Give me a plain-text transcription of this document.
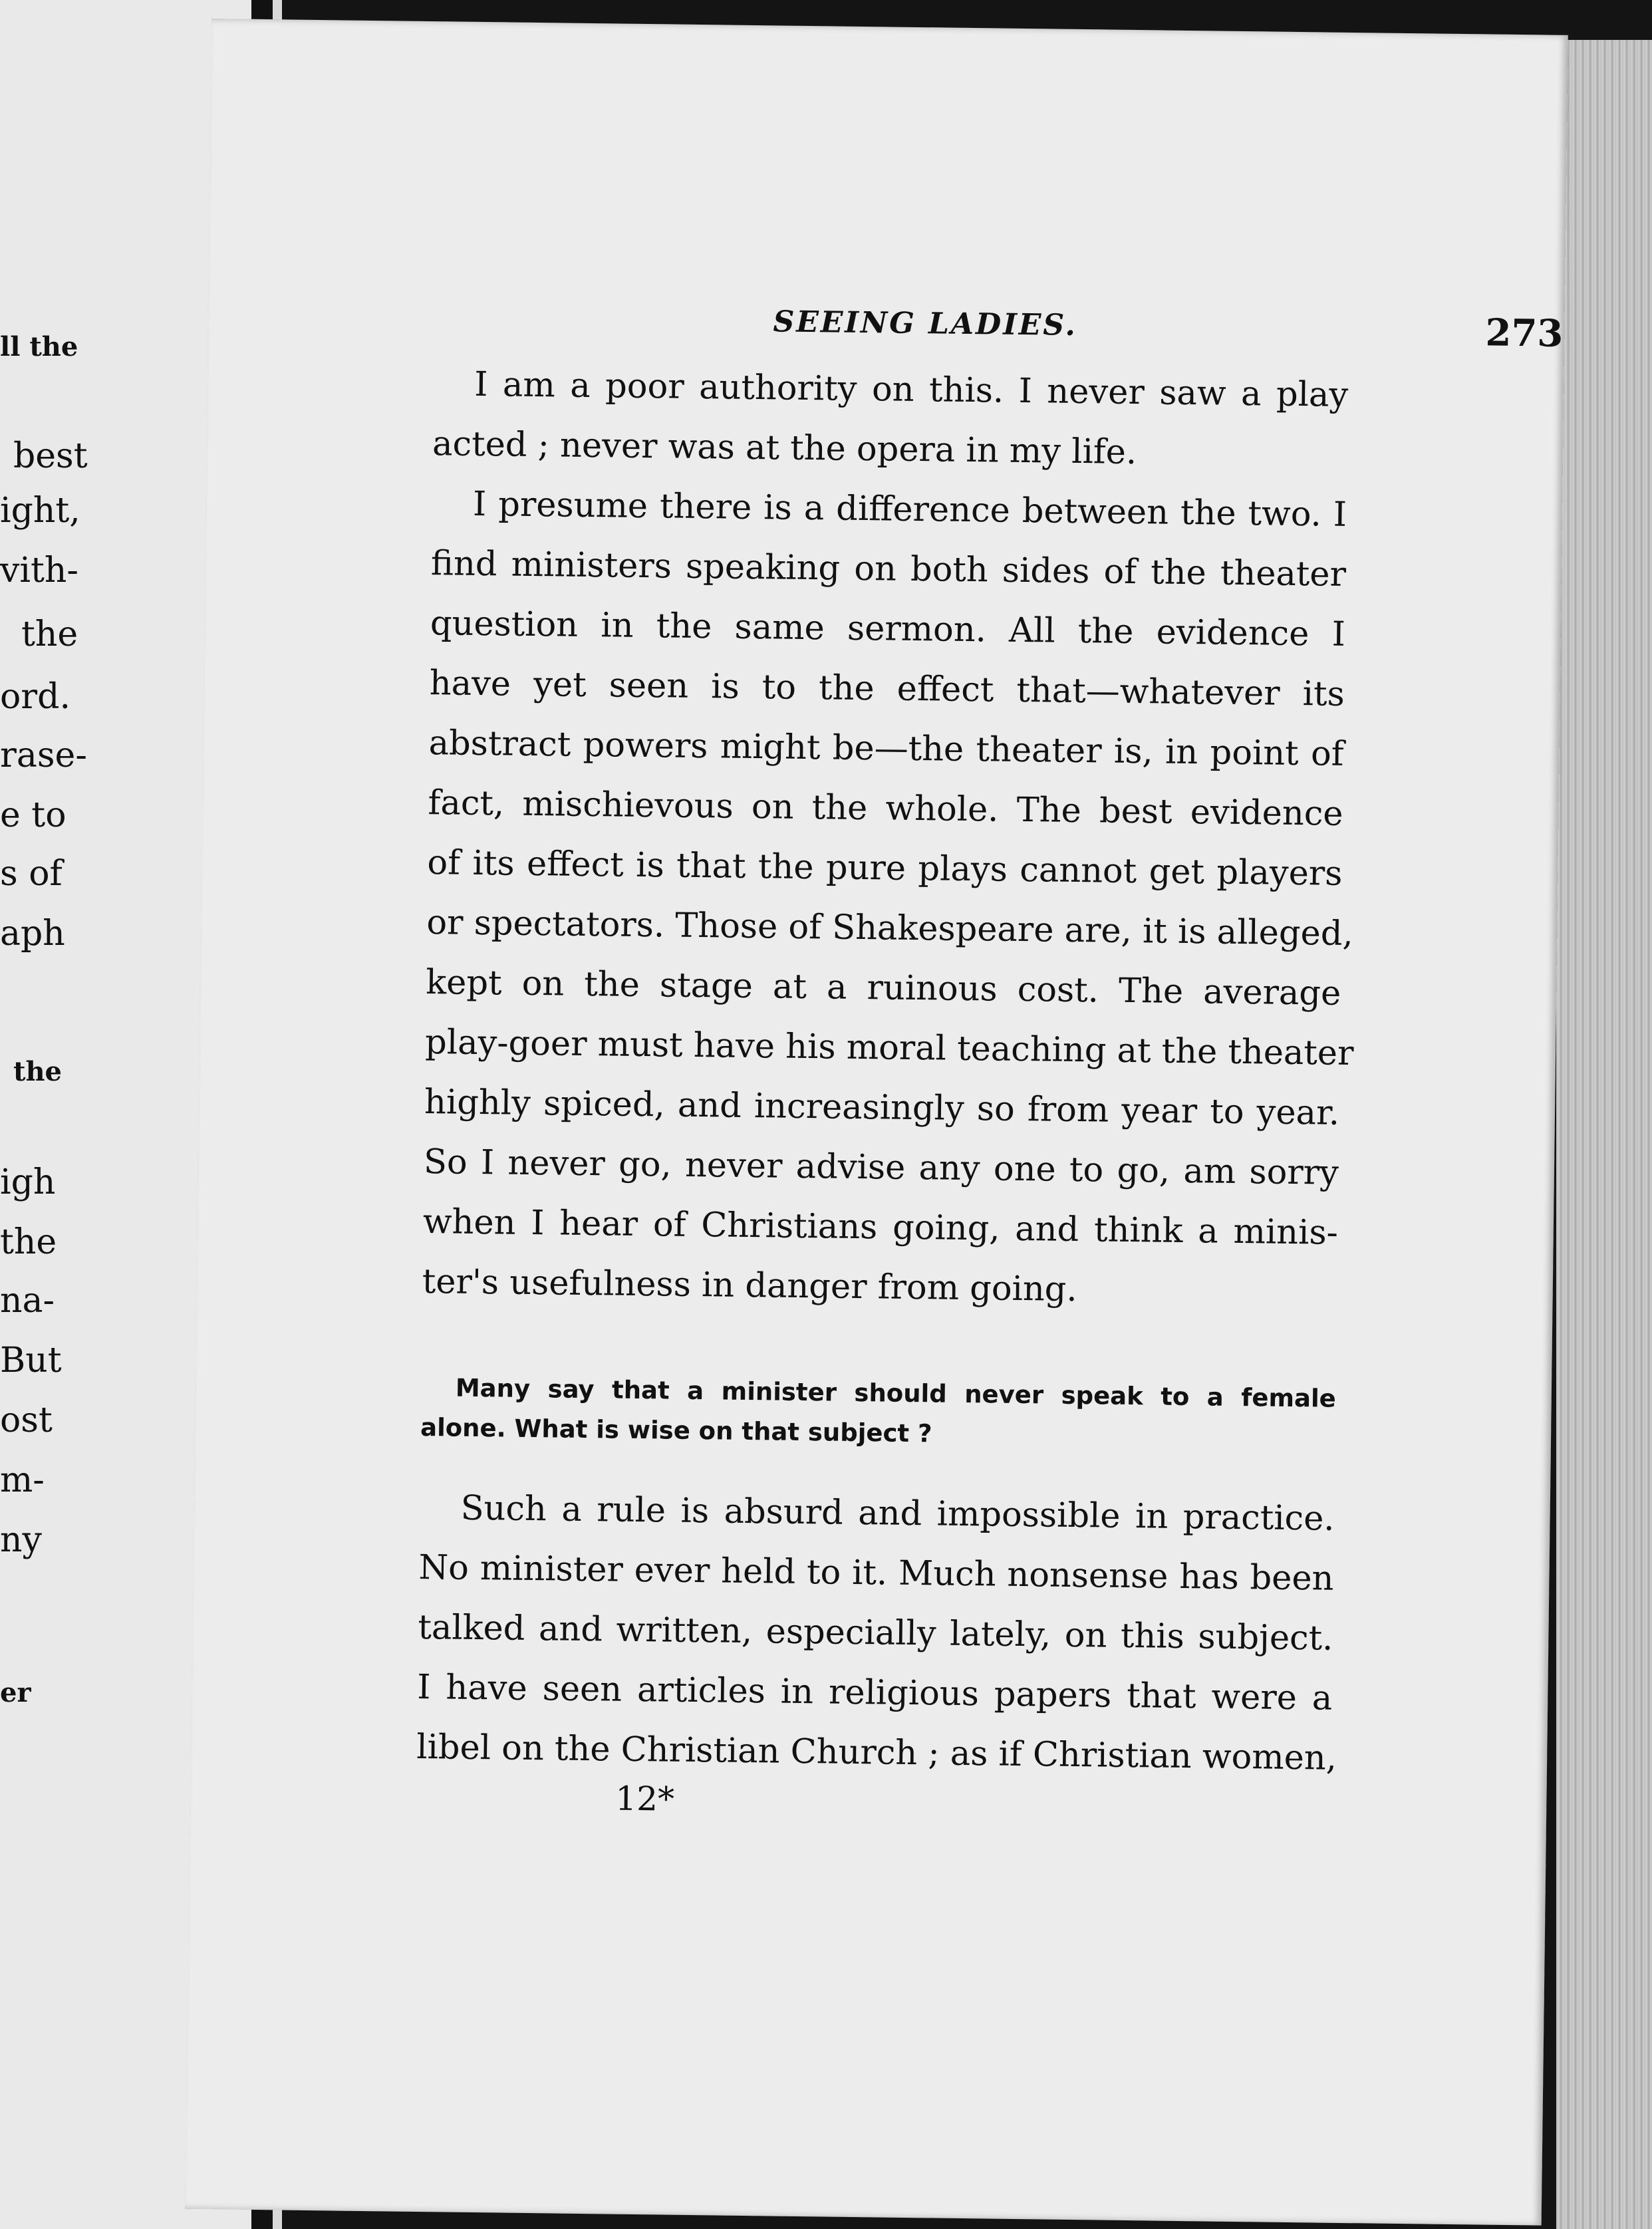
ll the
best
ight,
vith-
the
ord.
rase-
e to
s of
aph
the
igh
the
na-
But
ost
m-
ny
er
SEEING LADIES.	273
I am a poor authority on this. I never saw a play
acted ; never was at the opera in my life.
I presume there is a difference between the two. I
find ministers speaking on both sides of the theater
question in the same sermon. All the evidence I
have yet seen is to the effect that—whatever its
abstract powers might be—the theater is, in point of
fact, mischievous on the whole. The best evidence
of its effect is that the pure plays cannot get players
or spectators. Those of Shakespeare are, it is alleged,
kept on the stage at a ruinous cost. The average
play-goer must have his moral teaching at the theater
highly spiced, and increasingly so from year to year.
So I never go, never advise any one to go, am sorry
when I hear of Christians going, and think a minis-
ter's usefulness in danger from going.
Many say that a minister should never speak to a female
alone. What is wise on that subject ?
Such a rule is absurd and impossible in practice.
No minister ever held to it. Much nonsense has been
talked and written, especially lately, on this subject.
I have seen articles in religious papers that were a
libel on the Christian Church ; as if Christian women,
12*
